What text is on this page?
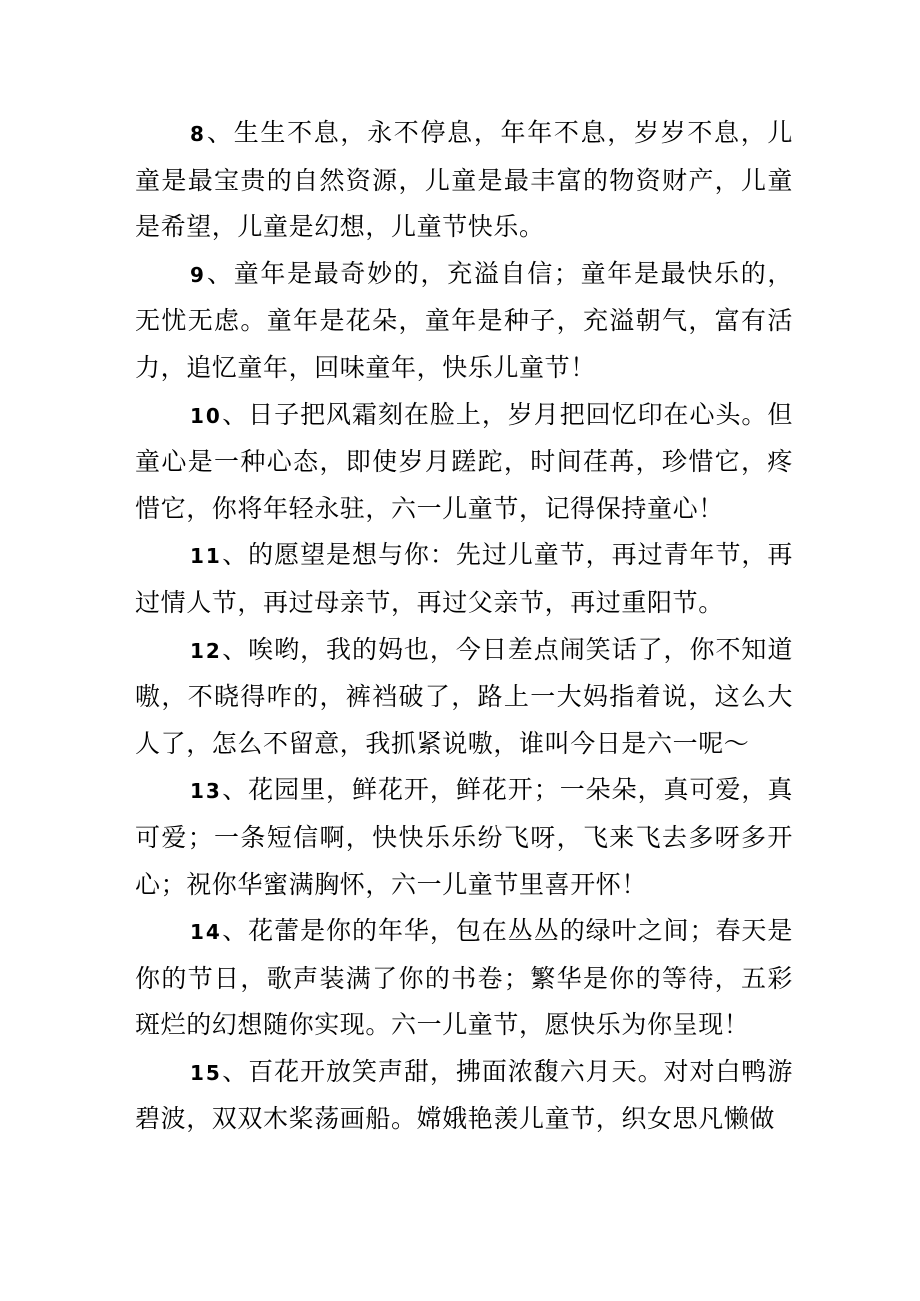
8、生生不息，永不停息，年年不息，岁岁不息，儿童是最宝贵的自然资源，儿童是最丰富的物资财产，儿童是希望，儿童是幻想，儿童节快乐。

9、童年是最奇妙的，充溢自信；童年是最快乐的，无忧无虑。童年是花朵，童年是种子，充溢朝气，富有活力，追忆童年，回味童年，快乐儿童节！

10、日子把风霜刻在脸上，岁月把回忆印在心头。但童心是一种心态，即使岁月蹉跎，时间荏苒，珍惜它，疼惜它，你将年轻永驻，六一儿童节，记得保持童心！

11、的愿望是想与你：先过儿童节，再过青年节，再过情人节，再过母亲节，再过父亲节，再过重阳节。

12、唉哟，我的妈也，今日差点闹笑话了，你不知道嗷，不晓得咋的，裤裆破了，路上一大妈指着说，这么大人了，怎么不留意，我抓紧说嗷，谁叫今日是六一呢～

13、花园里，鲜花开，鲜花开；一朵朵，真可爱，真可爱；一条短信啊，快快乐乐纷飞呀，飞来飞去多呀多开心；祝你华蜜满胸怀，六一儿童节里喜开怀！

14、花蕾是你的年华，包在丛丛的绿叶之间；春天是你的节日，歌声装满了你的书卷；繁华是你的等待，五彩斑烂的幻想随你实现。六一儿童节，愿快乐为你呈现！

15、百花开放笑声甜，拂面浓馥六月天。对对白鸭游碧波，双双木桨荡画船。嫦娥艳羡儿童节，织女思凡懒做
